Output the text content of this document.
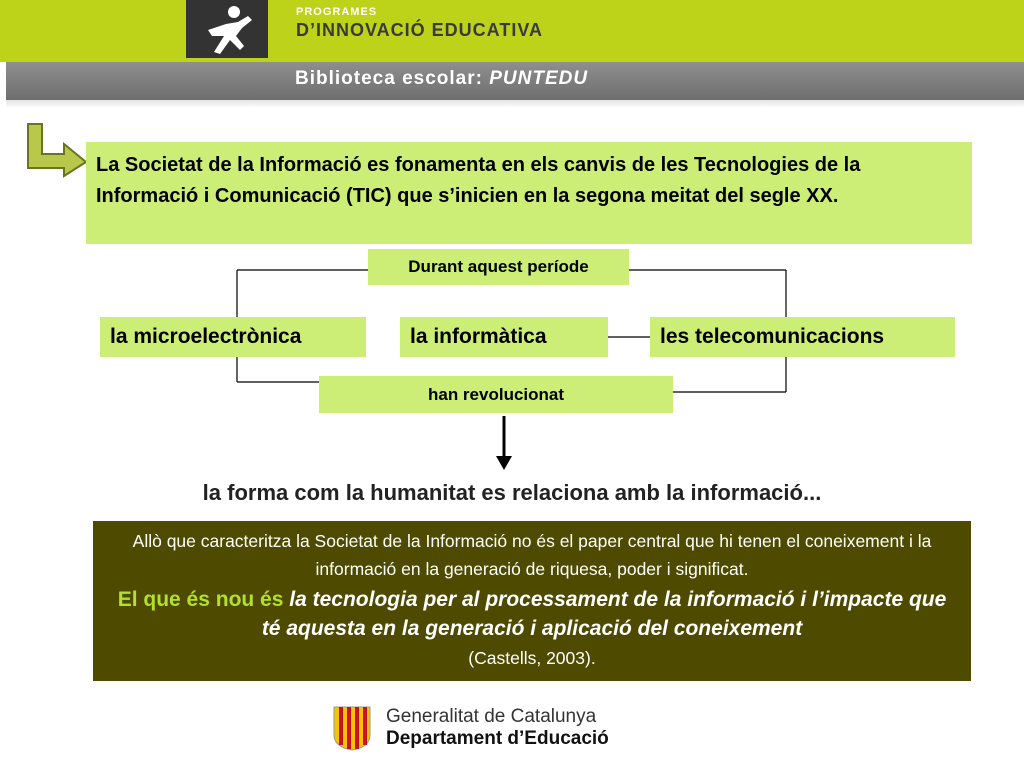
PROGRAMES

D’INNOVACIÓ EDUCATIVA

Biblioteca escolar: PUNTEDU

La Societat de la Informació es fonamenta en els canvis de les Tecnologies de la Informació i Comunicació (TIC) que s’inicien en la segona meitat del segle XX.

Durant aquest període
la microelectrònica	la informàtica	les telecomunicacions
han revolucionat

la forma com la humanitat es relaciona amb la informació...

Allò que caracteritza la Societat de la Informació no és el paper central que hi tenen el coneixement i la informació en la generació de riquesa, poder i significat.

El que és nou és la tecnologia per al processament de la informació i l’impacte que té aquesta en la generació i aplicació del coneixement
(Castells, 2003).

Generalitat de Catalunya

Departament d’Educació
